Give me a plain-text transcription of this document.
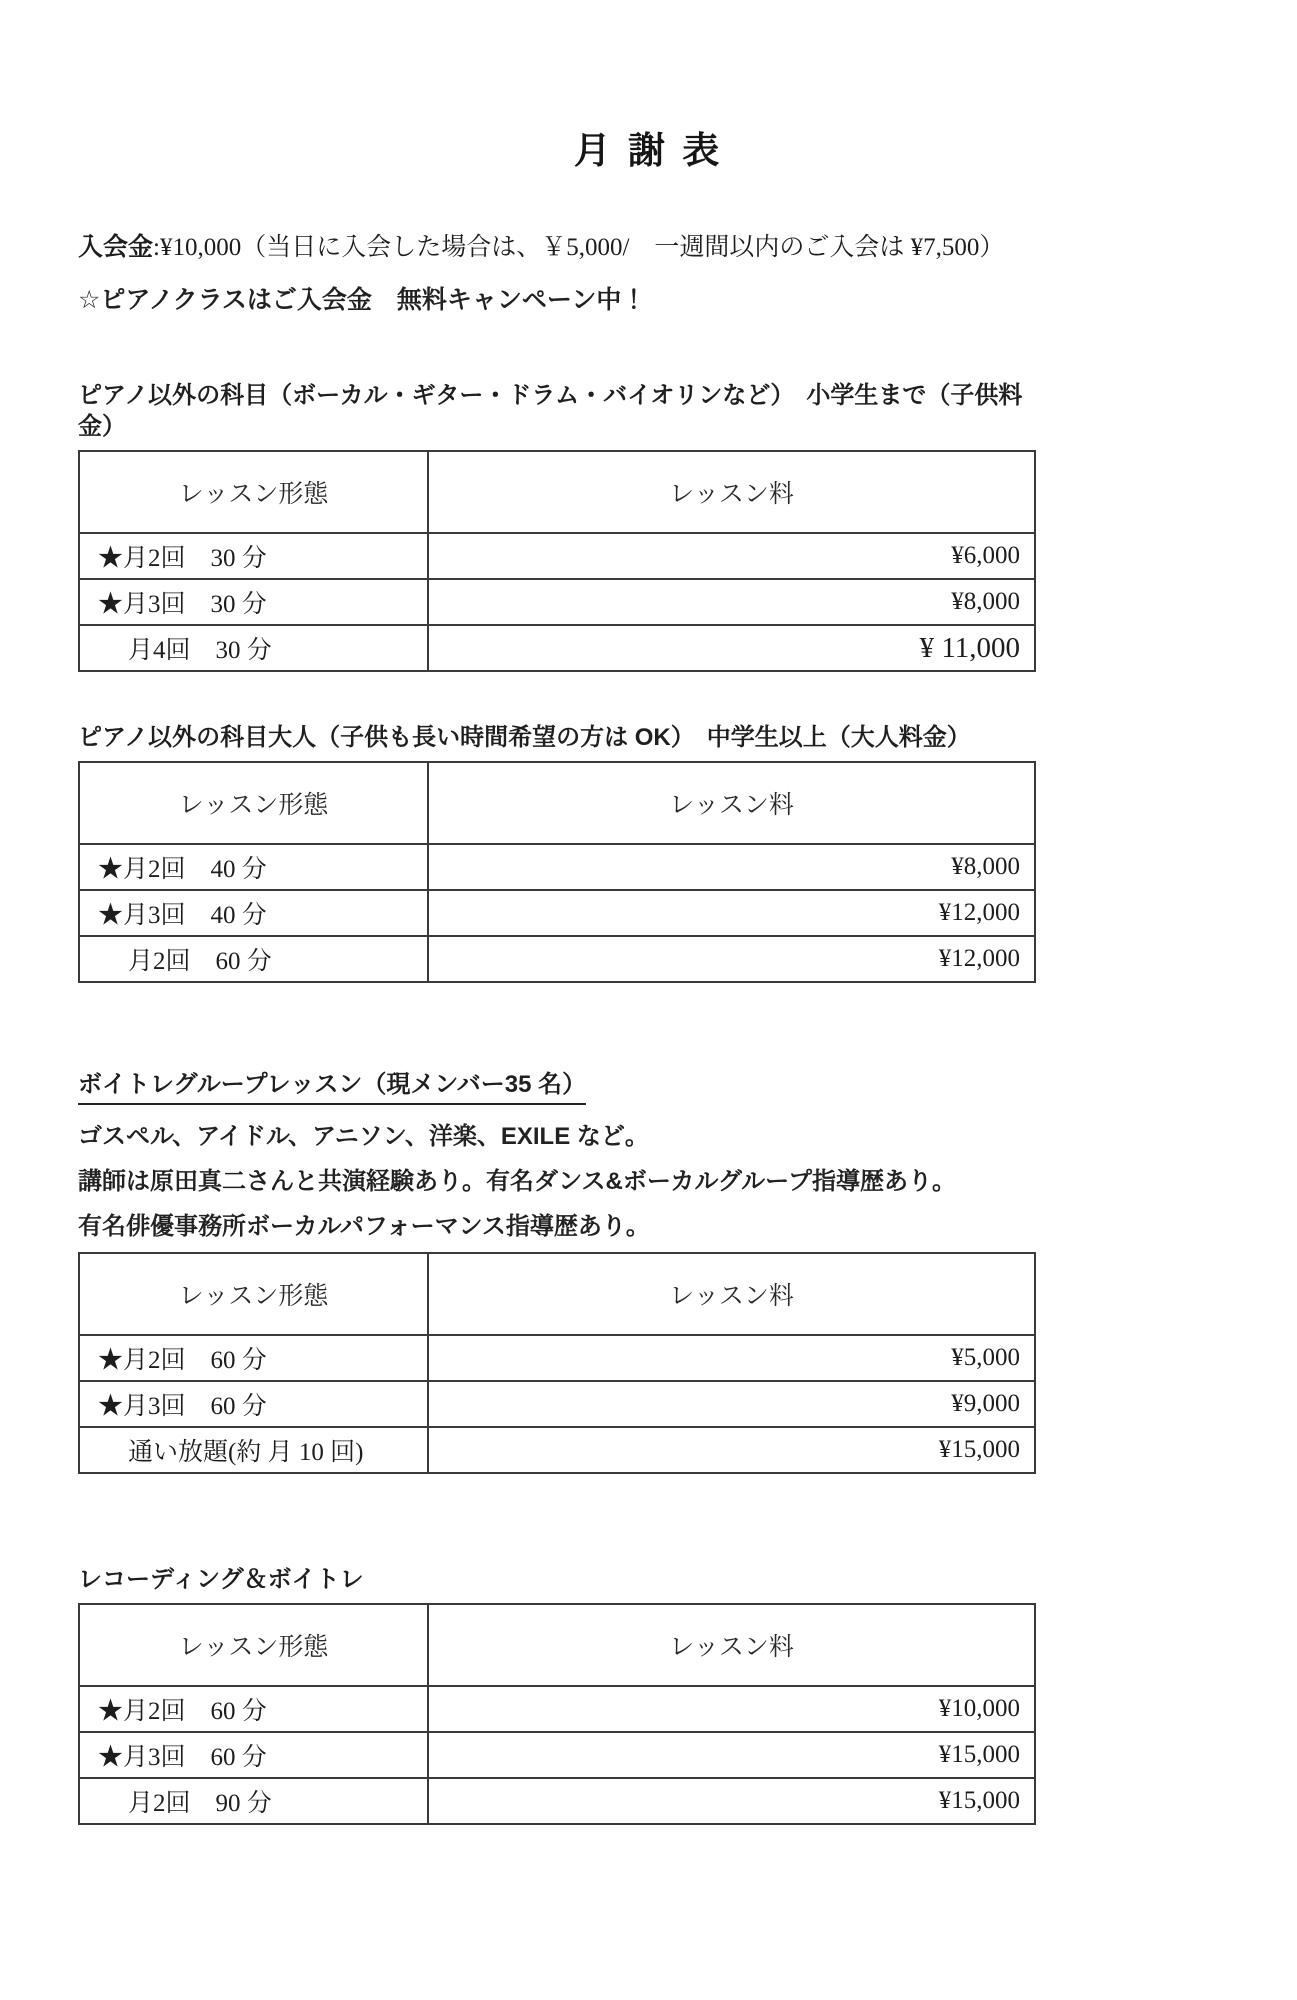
月 謝 表
入会金:¥10,000（当日に入会した場合は、￥5,000/　一週間以内のご入会は ¥7,500）
☆ピアノクラスはご入会金　無料キャンペーン中！
ピアノ以外の科目（ボーカル・ギター・ドラム・バイオリンなど）　小学生まで（子供料金）
レッスン形態	レッスン料
★月2回　30 分	¥6,000
★月3回　30 分	¥8,000
月4回　30 分	¥ 11,000
ピアノ以外の科目大人（子供も長い時間希望の方は OK）　中学生以上（大人料金）
レッスン形態	レッスン料
★月2回　40 分	¥8,000
★月3回　40 分	¥12,000
月2回　60 分	¥12,000
ボイトレグループレッスン（現メンバー35 名）
ゴスペル、アイドル、アニソン、洋楽、EXILE など。
講師は原田真二さんと共演経験あり。有名ダンス&ボーカルグループ指導歴あり。
有名俳優事務所ボーカルパフォーマンス指導歴あり。
レッスン形態	レッスン料
★月2回　60 分	¥5,000
★月3回　60 分	¥9,000
通い放題(約 月 10 回)	¥15,000
レコーディング＆ボイトレ
レッスン形態	レッスン料
★月2回　60 分	¥10,000
★月3回　60 分	¥15,000
月2回　90 分	¥15,000
